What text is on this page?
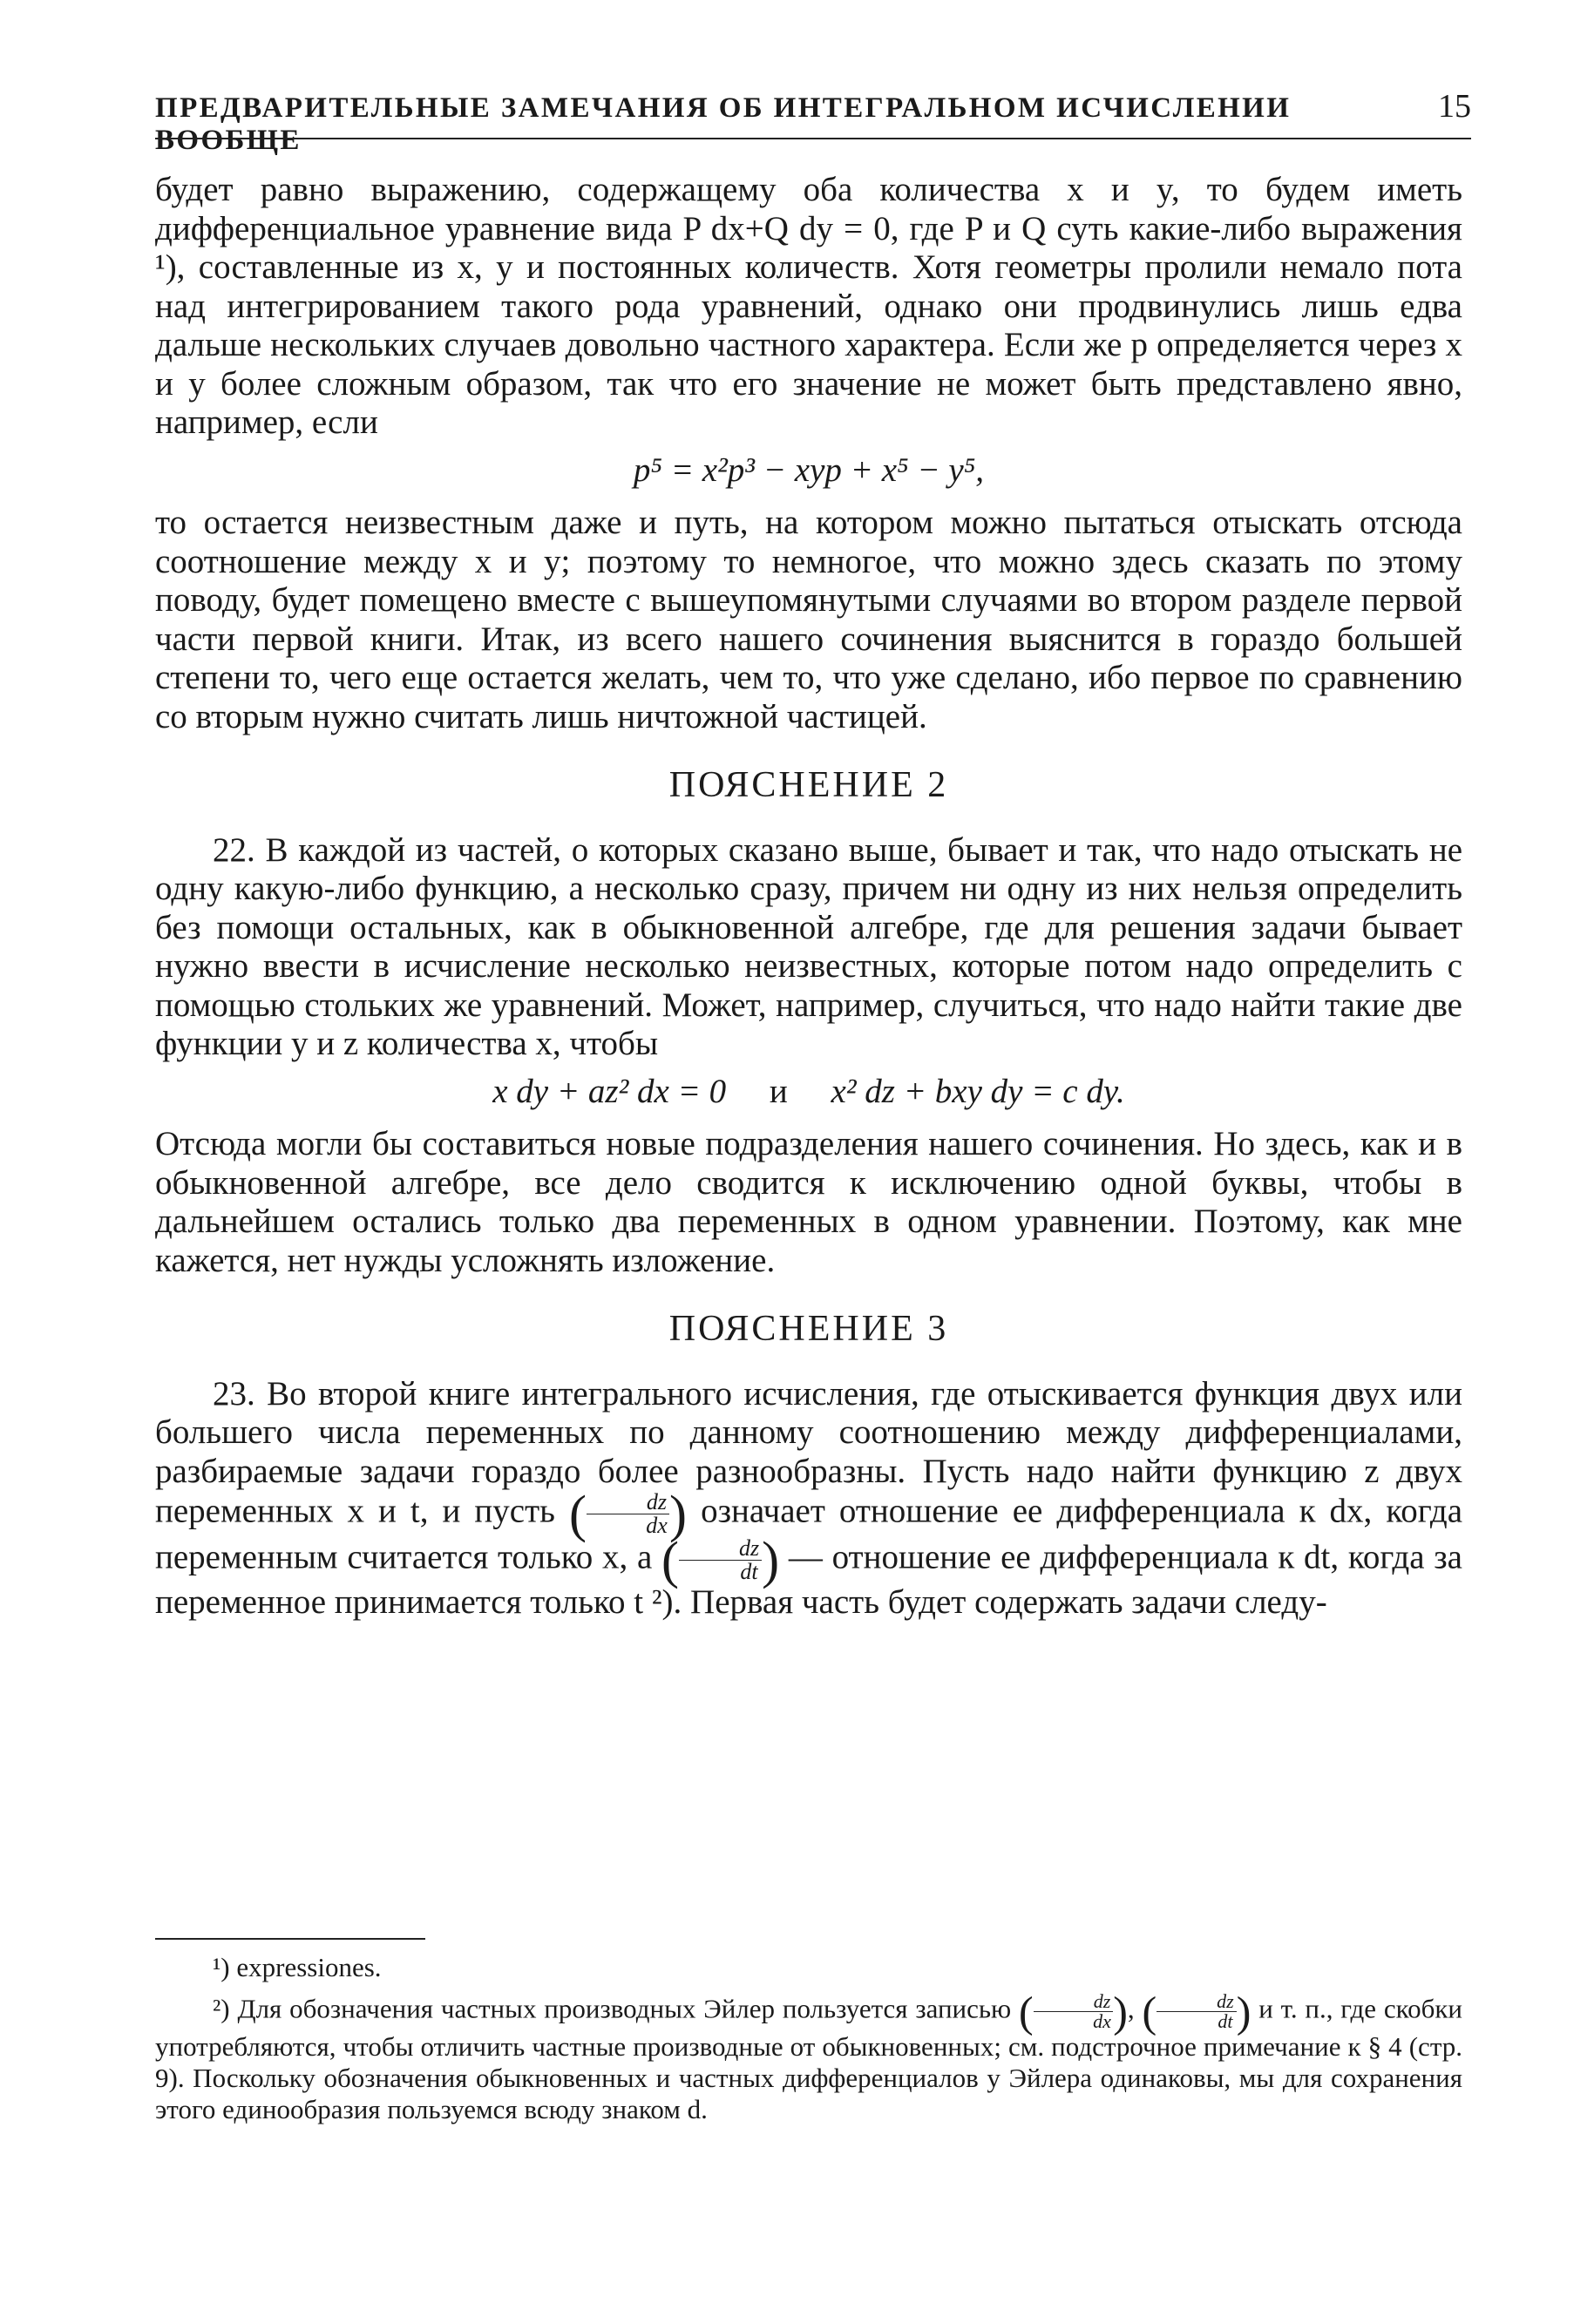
ПРЕДВАРИТЕЛЬНЫЕ ЗАМЕЧАНИЯ ОБ ИНТЕГРАЛЬНОМ ИСЧИСЛЕНИИ ВООБЩЕ
15

будет равно выражению, содержащему оба количества x и y, то будем иметь дифференциальное уравнение вида P dx+Q dy = 0, где P и Q суть какие-либо выражения ¹), составленные из x, y и постоянных количеств. Хотя геометры пролили немало пота над интегрированием такого рода уравнений, однако они продвинулись лишь едва дальше нескольких случаев довольно частного характера. Если же p определяется через x и y более сложным образом, так что его значение не может быть представлено явно, например, если

p⁵ = x²p³ − xyp + x⁵ − y⁵,

то остается неизвестным даже и путь, на котором можно пытаться отыскать отсюда соотношение между x и y; поэтому то немногое, что можно здесь сказать по этому поводу, будет помещено вместе с вышеупомянутыми случаями во втором разделе первой части первой книги. Итак, из всего нашего сочинения выяснится в гораздо большей степени то, чего еще остается желать, чем то, что уже сделано, ибо первое по сравнению со вторым нужно считать лишь ничтожной частицей.

ПОЯСНЕНИЕ 2

22. В каждой из частей, о которых сказано выше, бывает и так, что надо отыскать не одну какую-либо функцию, а несколько сразу, причем ни одну из них нельзя определить без помощи остальных, как в обыкновенной алгебре, где для решения задачи бывает нужно ввести в исчисление несколько неизвестных, которые потом надо определить с помощью стольких же уравнений. Может, например, случиться, что надо найти такие две функции y и z количества x, чтобы

x dy + az² dx = 0 и x² dz + bxy dy = c dy.

Отсюда могли бы составиться новые подразделения нашего сочинения. Но здесь, как и в обыкновенной алгебре, все дело сводится к исключению одной буквы, чтобы в дальнейшем остались только два переменных в одном уравнении. Поэтому, как мне кажется, нет нужды усложнять изложение.

ПОЯСНЕНИЕ 3

23. Во второй книге интегрального исчисления, где отыскивается функция двух или большего числа переменных по данному соотношению между дифференциалами, разбираемые задачи гораздо более разнообразны. Пусть надо найти функцию z двух переменных x и t, и пусть ( $\frac{dz}{dx}$ ) означает отношение ее дифференциала к dx, когда переменным считается только x, а ( $\frac{dz}{dt}$ ) — отношение ее дифференциала к dt, когда за переменное принимается только t ²). Первая часть будет содержать задачи следу-

¹) expressiones.

²) Для обозначения частных производных Эйлер пользуется записью ( $\frac{dz}{dx}$ ), ( $\frac{dz}{dt}$ ) и т. п., где скобки употребляются, чтобы отличить частные производные от обыкновенных; см. подстрочное примечание к § 4 (стр. 9). Поскольку обозначения обыкновенных и частных дифференциалов у Эйлера одинаковы, мы для сохранения этого единообразия пользуемся всюду знаком d.
